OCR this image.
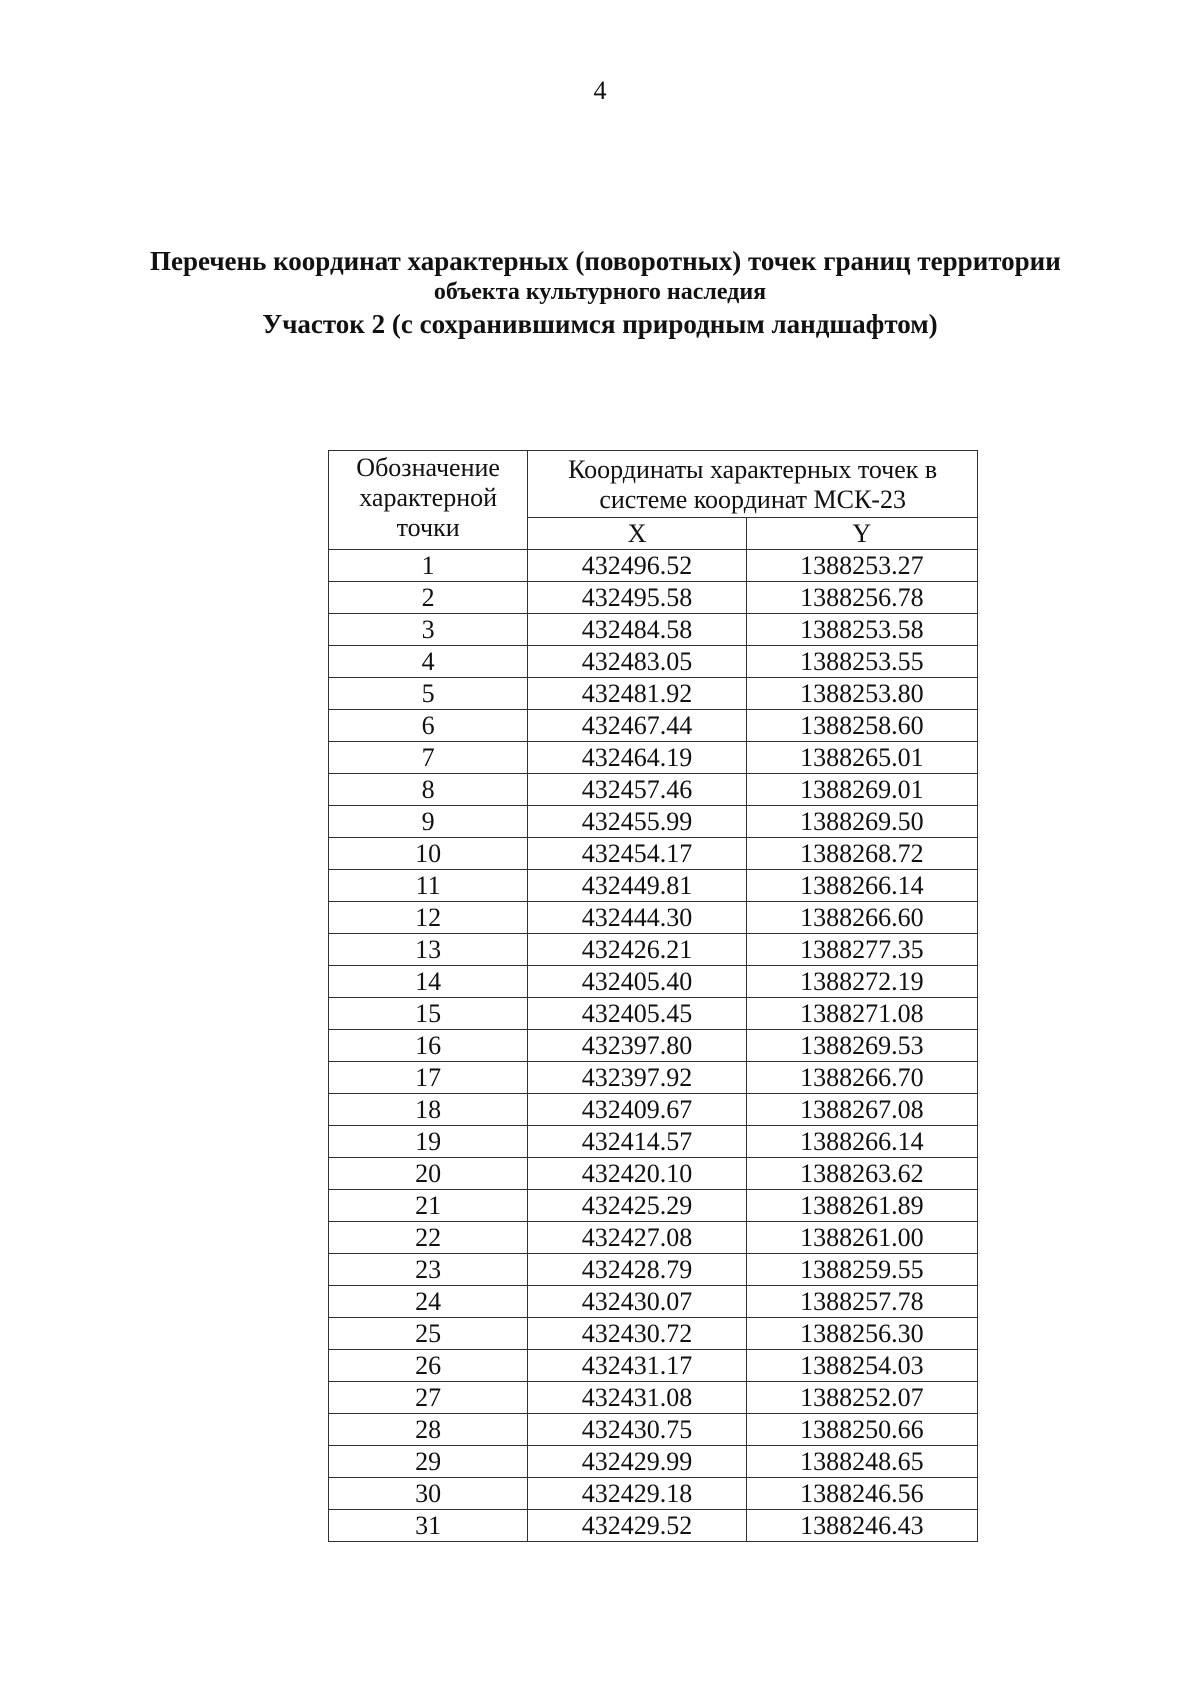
4
Перечень координат характерных (поворотных) точек границ территории
объекта культурного наследия
Участок 2 (с сохранившимся природным ландшафтом)
Обозначение характерной точки	Координаты характерных точек в системе координат МСК-23	
	X	Y
1	432496.52	1388253.27
2	432495.58	1388256.78
3	432484.58	1388253.58
4	432483.05	1388253.55
5	432481.92	1388253.80
6	432467.44	1388258.60
7	432464.19	1388265.01
8	432457.46	1388269.01
9	432455.99	1388269.50
10	432454.17	1388268.72
11	432449.81	1388266.14
12	432444.30	1388266.60
13	432426.21	1388277.35
14	432405.40	1388272.19
15	432405.45	1388271.08
16	432397.80	1388269.53
17	432397.92	1388266.70
18	432409.67	1388267.08
19	432414.57	1388266.14
20	432420.10	1388263.62
21	432425.29	1388261.89
22	432427.08	1388261.00
23	432428.79	1388259.55
24	432430.07	1388257.78
25	432430.72	1388256.30
26	432431.17	1388254.03
27	432431.08	1388252.07
28	432430.75	1388250.66
29	432429.99	1388248.65
30	432429.18	1388246.56
31	432429.52	1388246.43
